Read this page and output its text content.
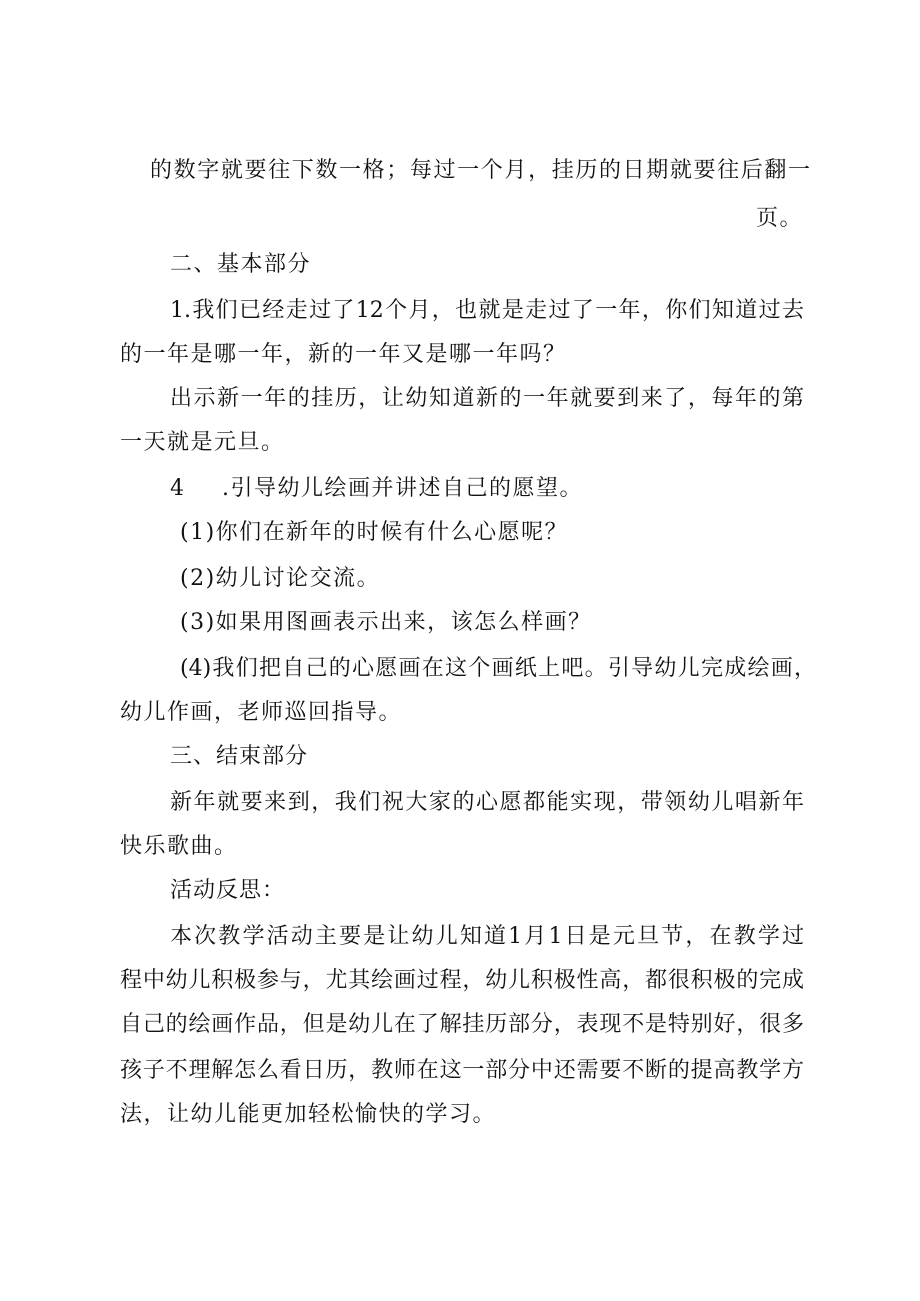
的数字就要往下数一格；每过一个月，挂历的日期就要往后翻一
页。
二、基本部分
1.我们已经走过了12个月，也就是走过了一年，你们知道过去
的一年是哪一年，新的一年又是哪一年吗？
出示新一年的挂历，让幼知道新的一年就要到来了，每年的第
一天就是元旦。
4 .引导幼儿绘画并讲述自己的愿望。
(1)你们在新年的时候有什么心愿呢？
(2)幼儿讨论交流。
(3)如果用图画表示出来，该怎么样画？
(4)我们把自己的心愿画在这个画纸上吧。引导幼儿完成绘画，
幼儿作画，老师巡回指导。
三、结束部分
新年就要来到，我们祝大家的心愿都能实现，带领幼儿唱新年
快乐歌曲。
活动反思：
本次教学活动主要是让幼儿知道1月1日是元旦节，在教学过
程中幼儿积极参与，尤其绘画过程，幼儿积极性高，都很积极的完成
自己的绘画作品，但是幼儿在了解挂历部分，表现不是特别好，很多
孩子不理解怎么看日历，教师在这一部分中还需要不断的提高教学方
法，让幼儿能更加轻松愉快的学习。
